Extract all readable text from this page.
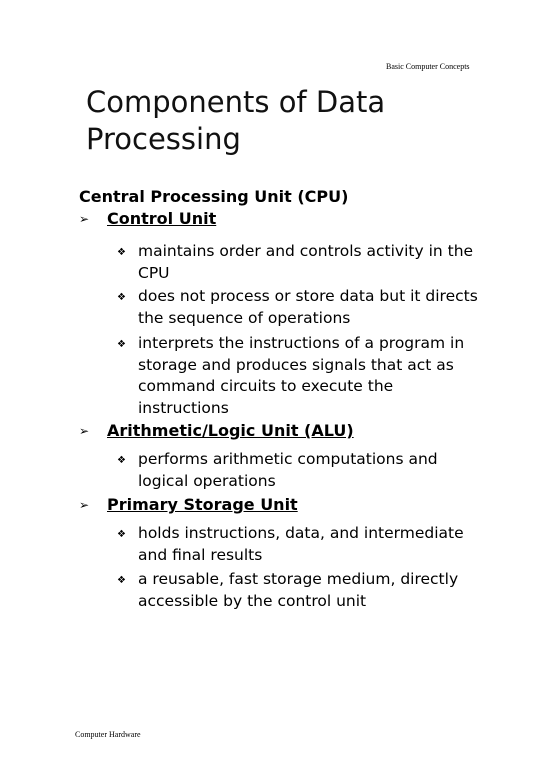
Basic Computer Concepts
Components of Data Processing
Central Processing Unit (CPU)
➢ Control Unit
❖ maintains order and controls activity in the CPU
❖ does not process or store data but it directs the sequence of operations
❖ interprets the instructions of a program in storage and produces signals that act as command circuits to execute the instructions
➢ Arithmetic/Logic Unit (ALU)
❖ performs arithmetic computations and logical operations
➢ Primary Storage Unit
❖ holds instructions, data, and intermediate and final results
❖ a reusable, fast storage medium, directly accessible by the control unit
Computer Hardware
